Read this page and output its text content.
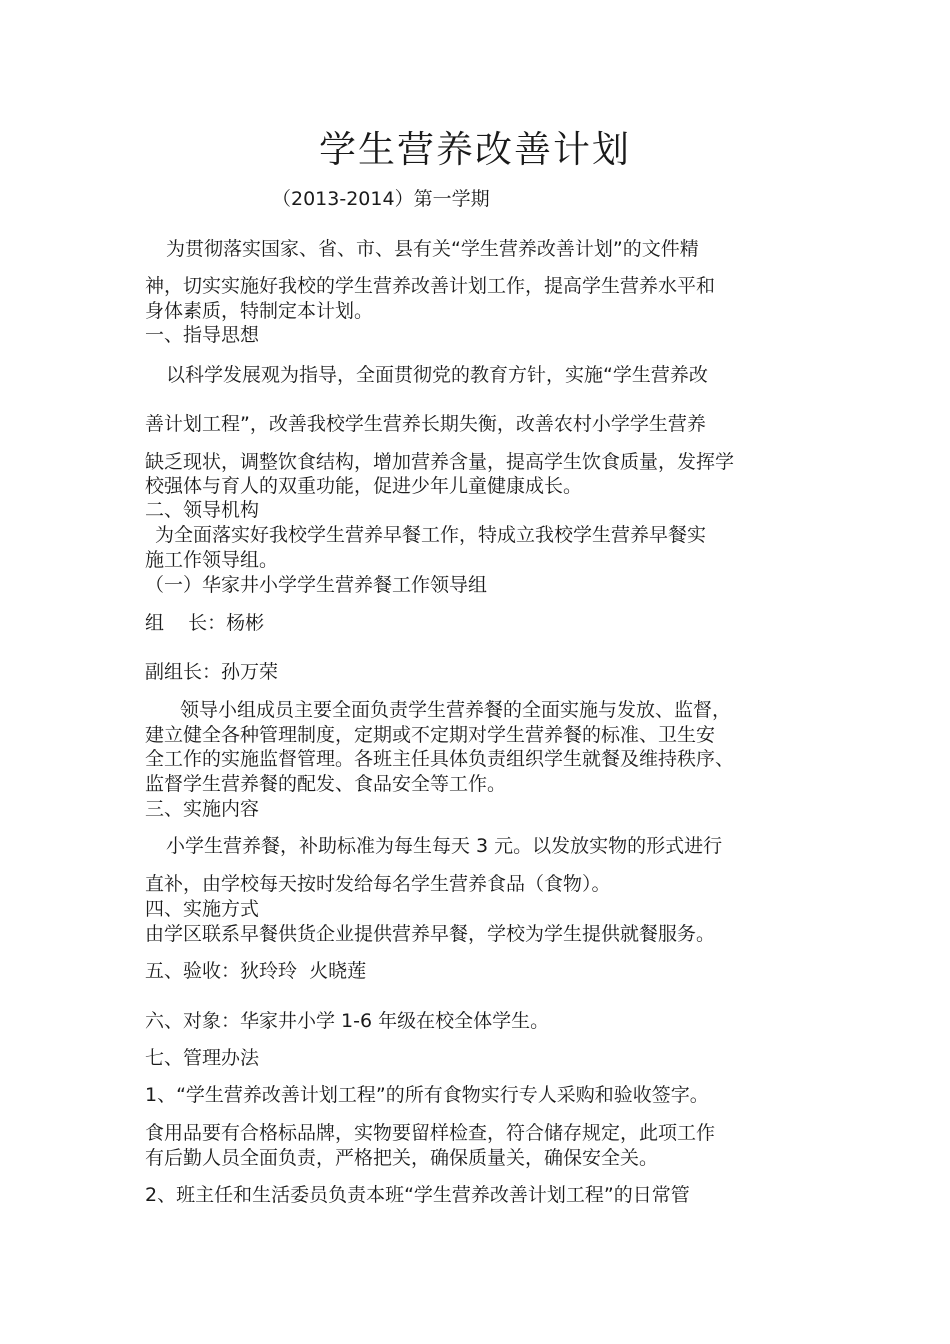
学生营养改善计划
（2013-2014）第一学期
为贯彻落实国家、省、市、县有关“学生营养改善计划”的文件精
神，切实实施好我校的学生营养改善计划工作，提高学生营养水平和
身体素质，特制定本计划。
一、指导思想
以科学发展观为指导，全面贯彻党的教育方针，实施“学生营养改
善计划工程”，改善我校学生营养长期失衡，改善农村小学学生营养
缺乏现状，调整饮食结构，增加营养含量，提高学生饮食质量，发挥学
校强体与育人的双重功能，促进少年儿童健康成长。
二、领导机构
为全面落实好我校学生营养早餐工作，特成立我校学生营养早餐实
施工作领导组。
（一）华家井小学学生营养餐工作领导组
组    长：杨彬
副组长：孙万荣
领导小组成员主要全面负责学生营养餐的全面实施与发放、监督，
建立健全各种管理制度，定期或不定期对学生营养餐的标准、卫生安
全工作的实施监督管理。各班主任具体负责组织学生就餐及维持秩序、
监督学生营养餐的配发、食品安全等工作。
三、实施内容
小学生营养餐，补助标准为每生每天 3 元。以发放实物的形式进行
直补，由学校每天按时发给每名学生营养食品（食物）。
四、实施方式
由学区联系早餐供货企业提供营养早餐，学校为学生提供就餐服务。
五、验收：狄玲玲  火晓莲
六、对象：华家井小学 1-6 年级在校全体学生。
七、管理办法
1、“学生营养改善计划工程”的所有食物实行专人采购和验收签字。
食用品要有合格标品牌，实物要留样检查，符合储存规定，此项工作
有后勤人员全面负责，严格把关，确保质量关，确保安全关。
2、班主任和生活委员负责本班“学生营养改善计划工程”的日常管
